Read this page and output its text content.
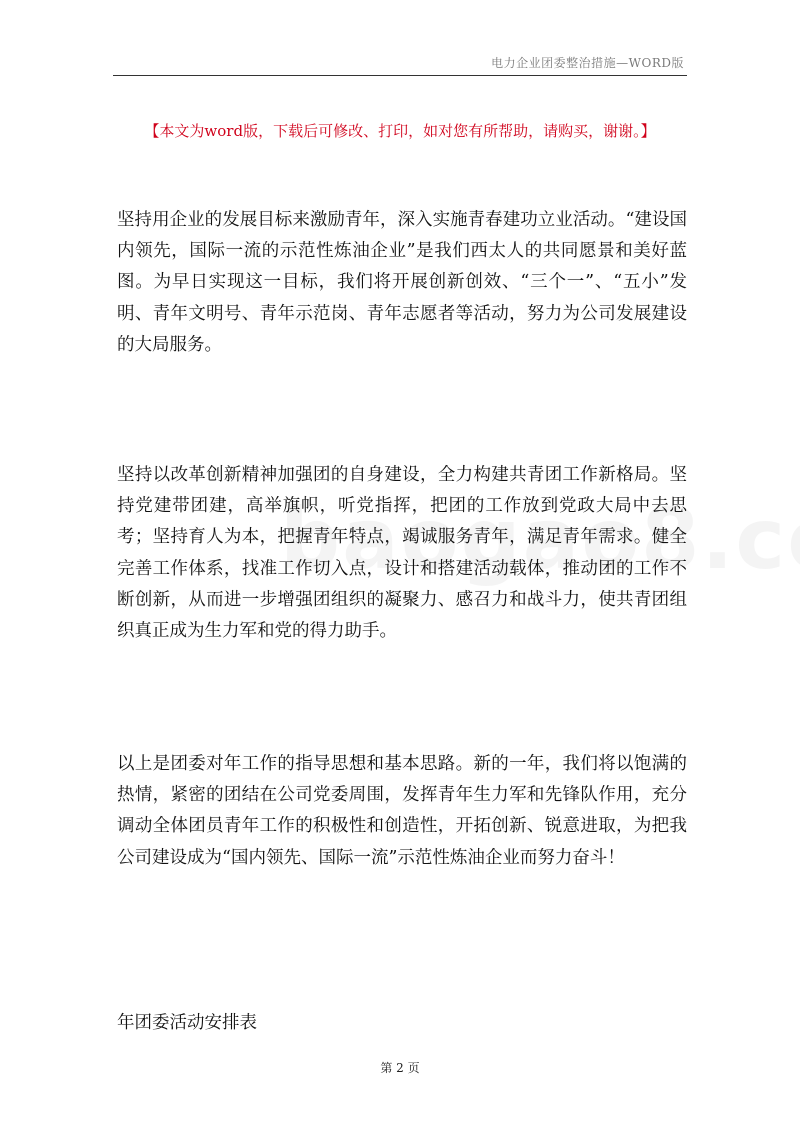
电力企业团委整治措施—WORD版
【本文为word版，下载后可修改、打印，如对您有所帮助，请购买，谢谢。】

坚持用企业的发展目标来激励青年，深入实施青春建功立业活动。“建设国内领先，国际一流的示范性炼油企业”是我们西太人的共同愿景和美好蓝图。为早日实现这一目标，我们将开展创新创效、“三个一”、“五小”发明、青年文明号、青年示范岗、青年志愿者等活动，努力为公司发展建设的大局服务。

坚持以改革创新精神加强团的自身建设，全力构建共青团工作新格局。坚持党建带团建，高举旗帜，听党指挥，把团的工作放到党政大局中去思考；坚持育人为本，把握青年特点，竭诚服务青年，满足青年需求。健全完善工作体系，找准工作切入点，设计和搭建活动载体，推动团的工作不断创新，从而进一步增强团组织的凝聚力、感召力和战斗力，使共青团组织真正成为生力军和党的得力助手。

以上是团委对年工作的指导思想和基本思路。新的一年，我们将以饱满的热情，紧密的团结在公司党委周围，发挥青年生力军和先锋队作用，充分调动全体团员青年工作的积极性和创造性，开拓创新、锐意进取，为把我公司建设成为“国内领先、国际一流”示范性炼油企业而努力奋斗！

年团委活动安排表

第 2 页
